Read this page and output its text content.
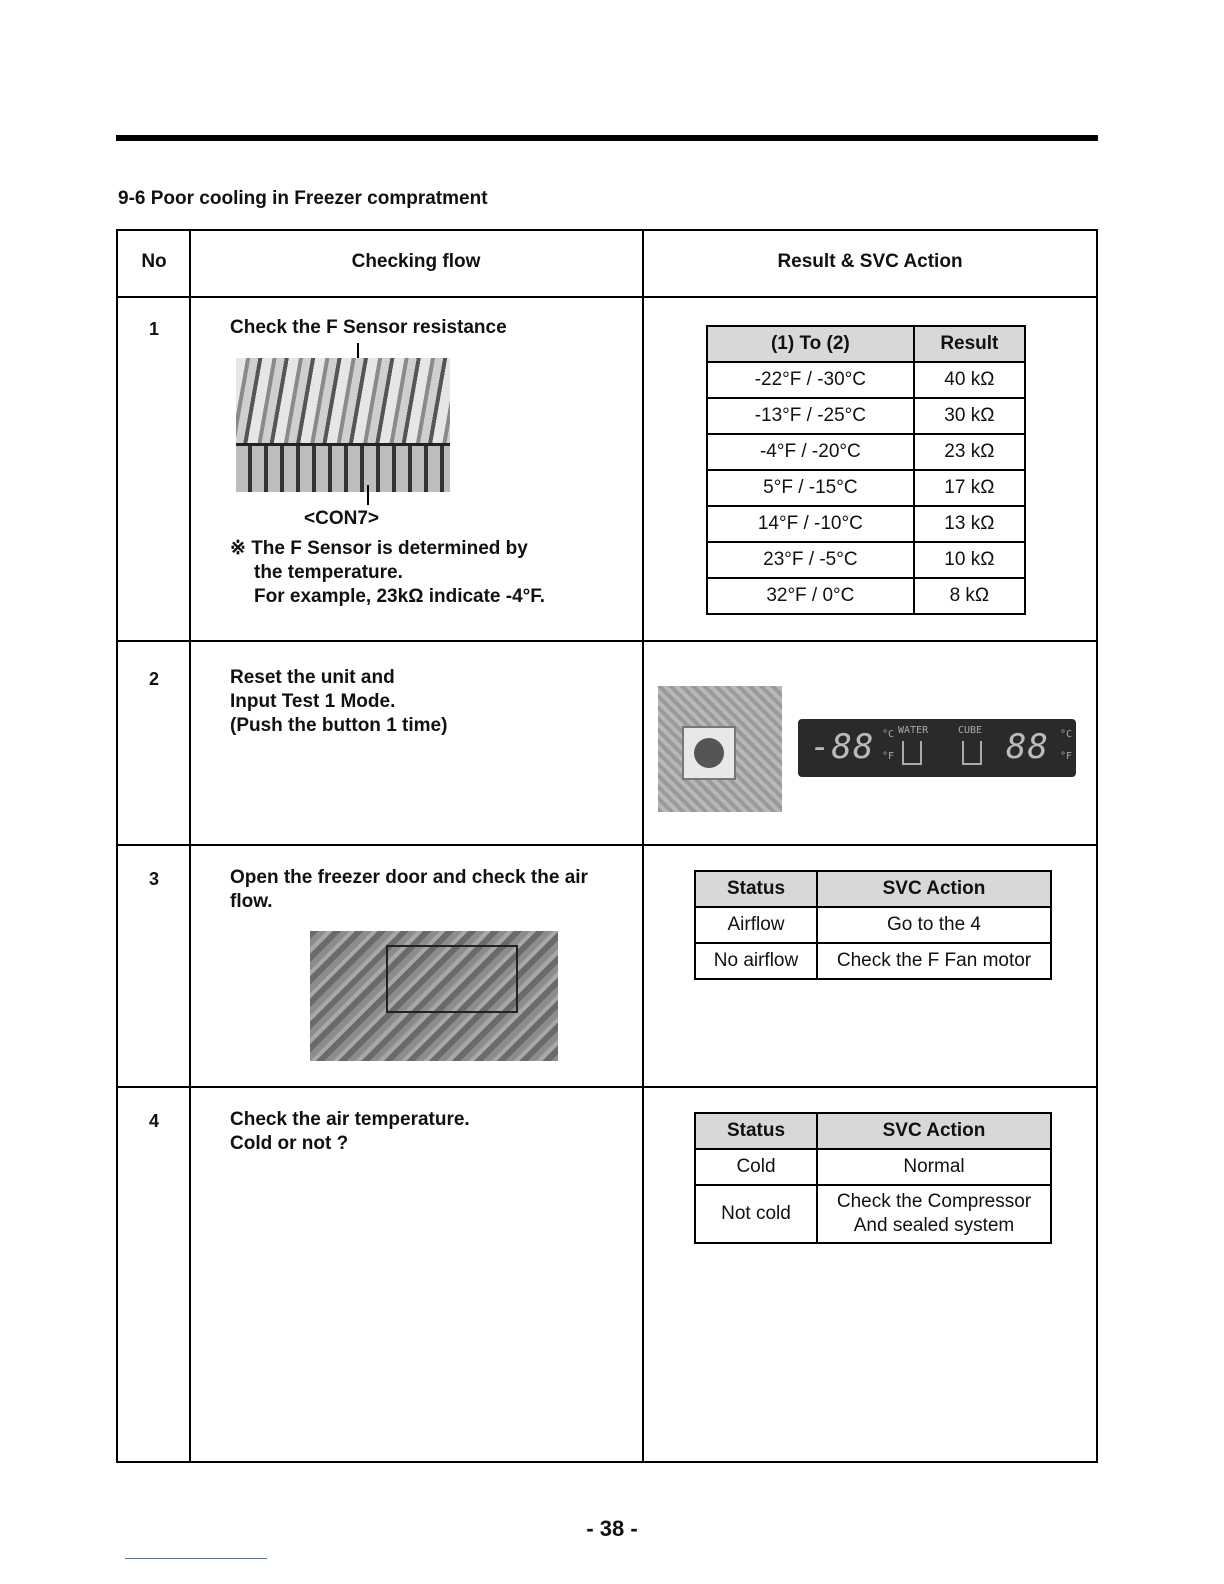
9-6 Poor cooling in Freezer compratment
No	Checking flow	Result & SVC Action
1	Check the F Sensor resistance
<CON7>
※ The F Sensor is determined by
the temperature.
For example, 23kΩ indicate -4°F.
(1) To (2)	Result
-22°F / -30°C	40 kΩ
-13°F / -25°C	30 kΩ
-4°F / -20°C	23 kΩ
5°F / -15°C	17 kΩ
14°F / -10°C	13 kΩ
23°F / -5°C	10 kΩ
32°F / 0°C	8 kΩ
2	Reset the unit and
Input Test 1 Mode.
(Push the button 1 time)
-88 °C
°F
WATER	CUBE 88 °C
°F
3	Open the freezer door and check the air
flow.
Status	SVC Action
Airflow	Go to the 4
No airflow	Check the F Fan motor
4	Check the air temperature.
Cold or not ?
Status	SVC Action
Cold	Normal
Not cold	Check the Compressor
And sealed system
- 38 -
